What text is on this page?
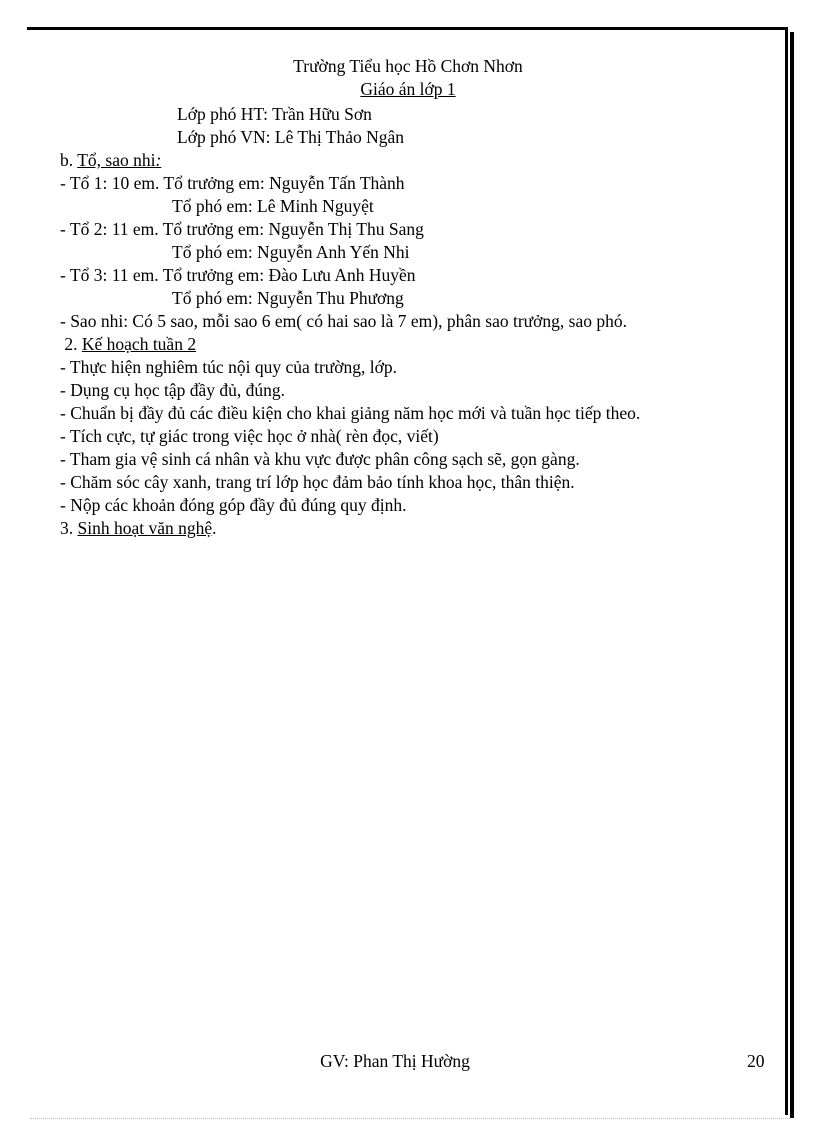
Trường Tiểu học Hồ Chơn Nhơn
Giáo án lớp 1
Lớp phó HT: Trần Hữu Sơn
Lớp phó VN: Lê Thị Thảo Ngân
b. Tổ, sao nhi:
- Tổ 1: 10 em. Tổ trưởng em: Nguyễn Tấn Thành
Tổ phó em: Lê Minh Nguyệt
- Tổ 2: 11 em. Tổ trưởng em: Nguyễn Thị Thu Sang
Tổ phó em: Nguyễn Anh Yến Nhi
- Tổ 3: 11 em. Tổ trưởng em: Đào Lưu Anh Huyền
Tổ phó em: Nguyễn Thu Phương
- Sao nhi: Có 5 sao, mỗi sao 6 em( có hai sao là 7 em), phân sao trưởng, sao phó.
2. Kế hoạch tuần 2
- Thực hiện nghiêm túc nội quy của trường, lớp.
- Dụng cụ học tập đầy đủ, đúng.
- Chuẩn bị đầy đủ các điều kiện cho khai giảng năm học mới và tuần học tiếp theo.
- Tích cực, tự giác trong việc học ở nhà( rèn đọc, viết)
- Tham gia vệ sinh cá nhân và khu vực được phân công sạch sẽ, gọn gàng.
- Chăm sóc cây xanh, trang trí lớp học đảm bảo tính khoa học, thân thiện.
- Nộp các khoản đóng góp đầy đủ đúng quy định.
3. Sinh hoạt văn nghệ.
GV: Phan Thị Hường	20
